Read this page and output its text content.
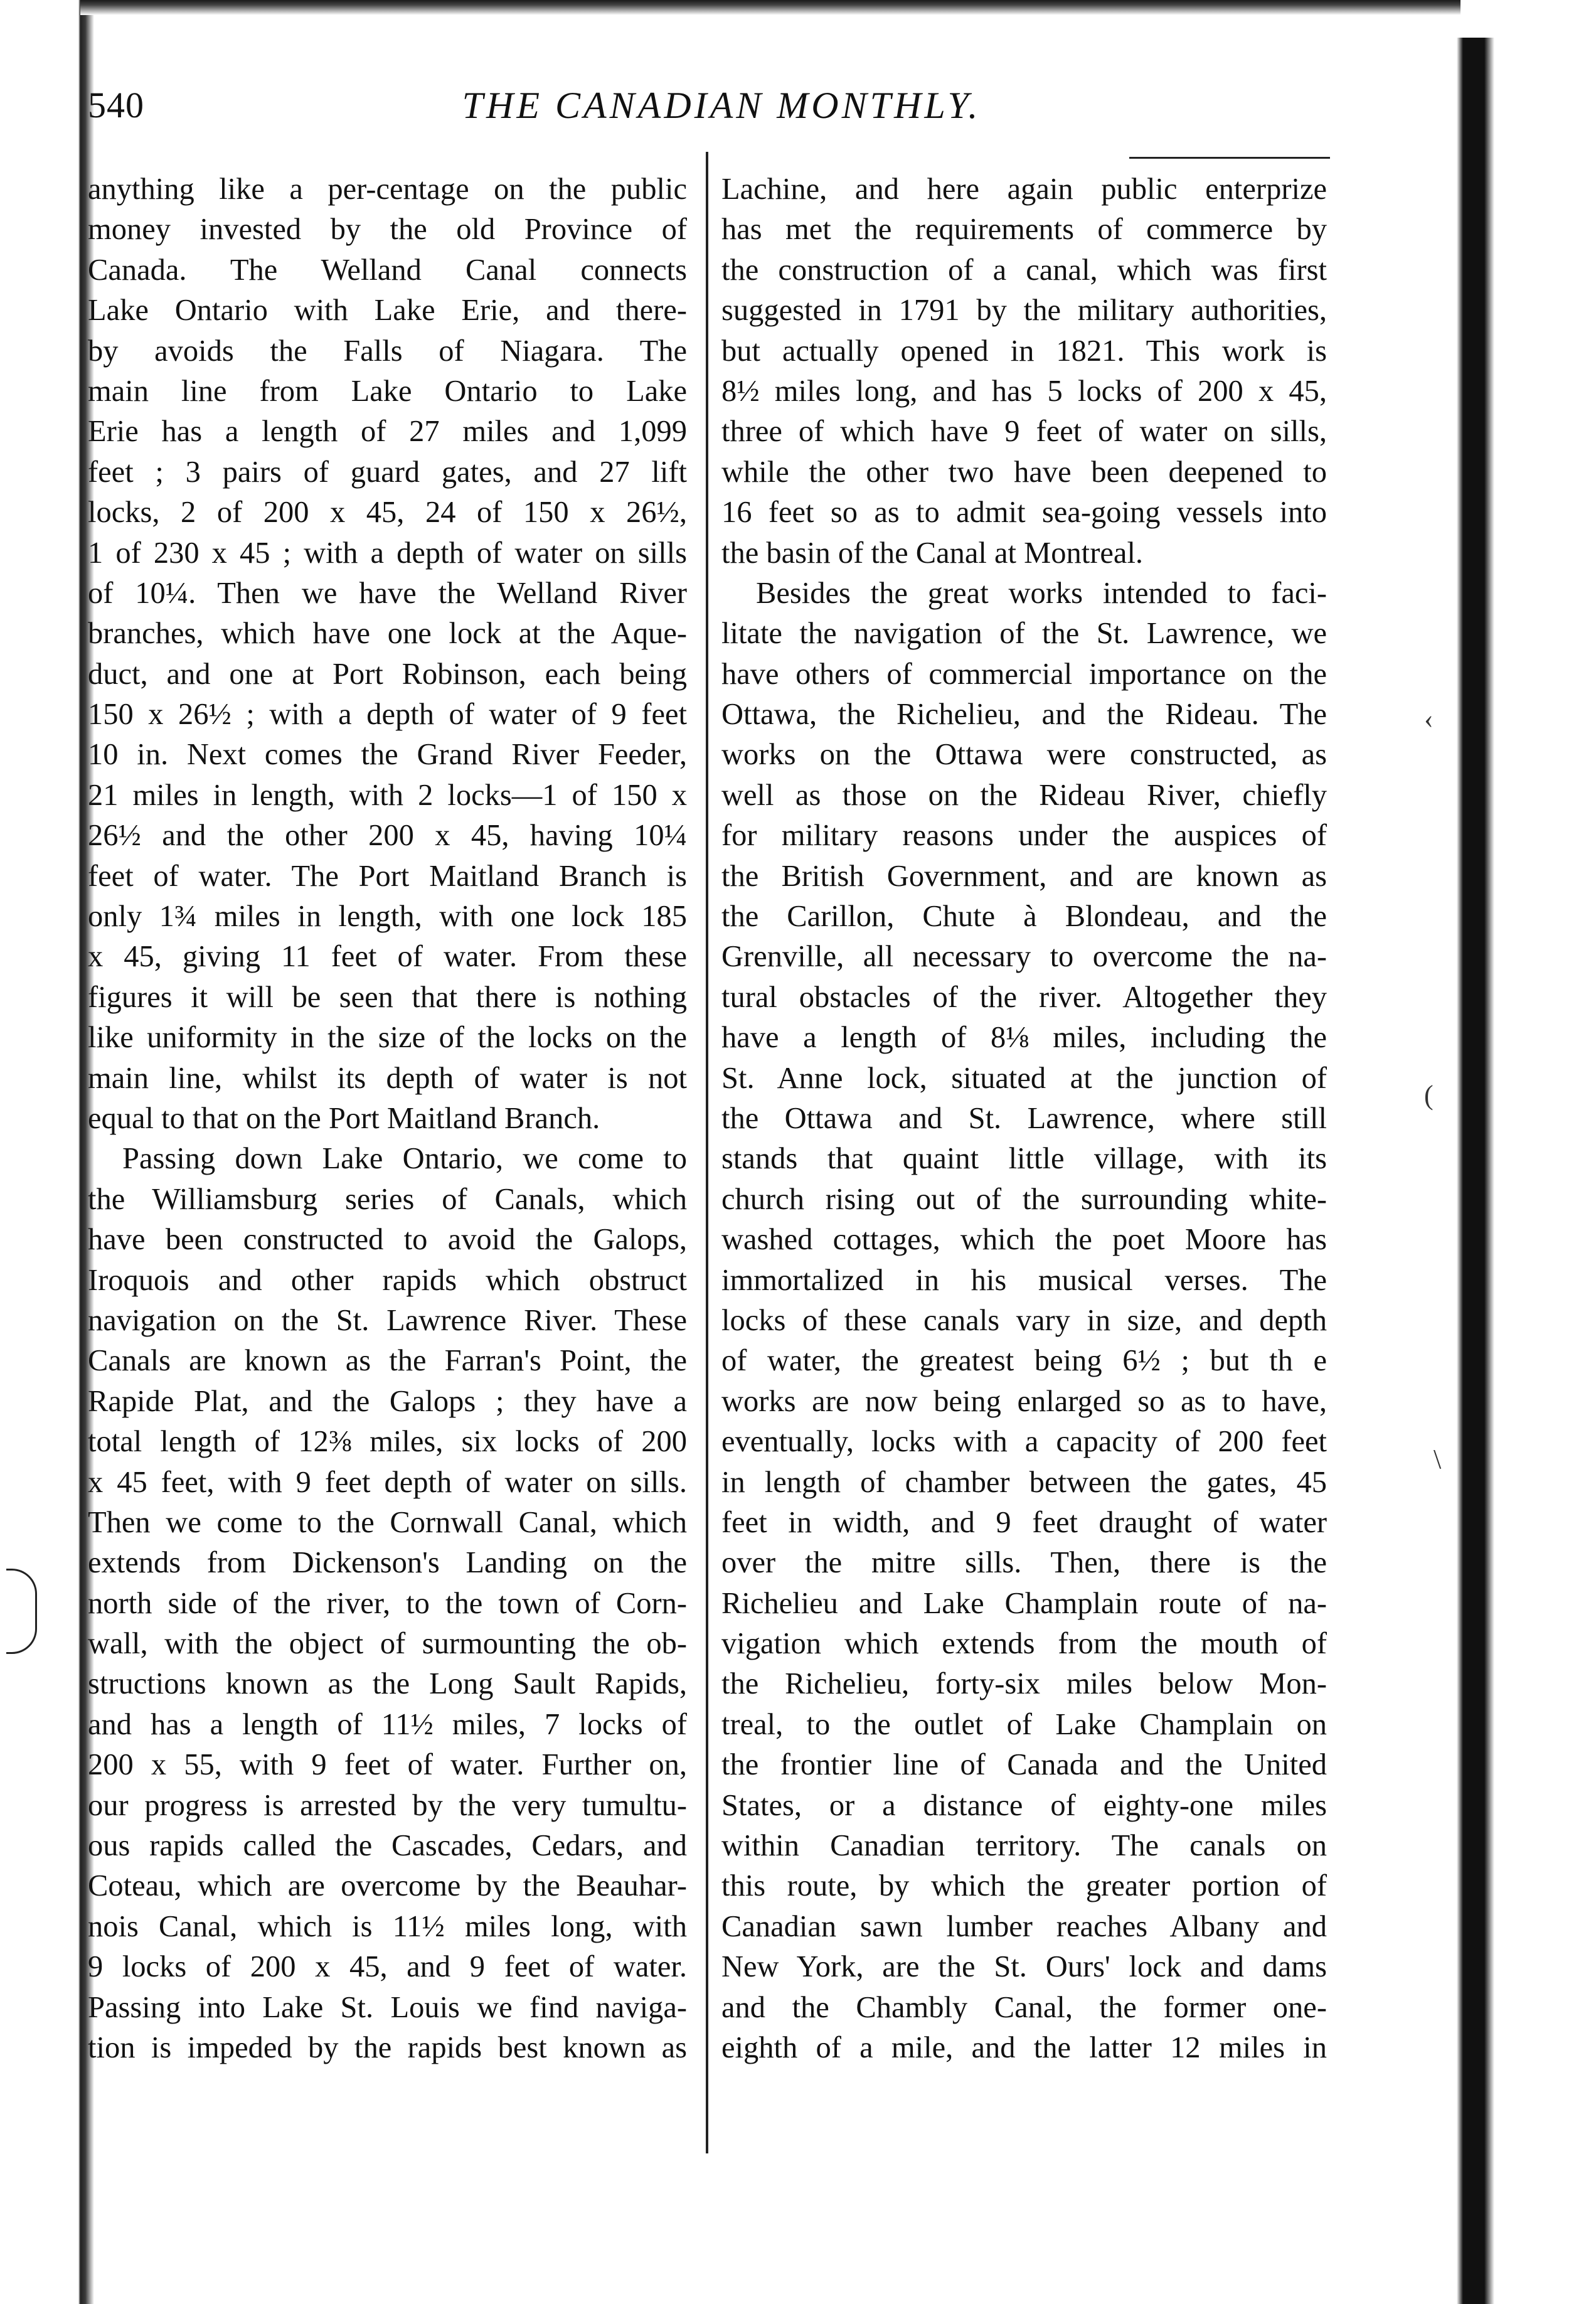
540	THE CANADIAN MONTHLY.
anything like a per-centage on the public
money invested by the old Province of
Canada. The Welland Canal connects
Lake Ontario with Lake Erie, and there-
by avoids the Falls of Niagara. The
main line from Lake Ontario to Lake
Erie has a length of 27 miles and 1,099
feet ; 3 pairs of guard gates, and 27 lift
locks, 2 of 200 x 45, 24 of 150 x 26½,
1 of 230 x 45 ; with a depth of water on sills
of 10¼. Then we have the Welland River
branches, which have one lock at the Aque-
duct, and one at Port Robinson, each being
150 x 26½ ; with a depth of water of 9 feet
10 in. Next comes the Grand River Feeder,
21 miles in length, with 2 locks—1 of 150 x
26½ and the other 200 x 45, having 10¼
feet of water. The Port Maitland Branch is
only 1¾ miles in length, with one lock 185
x 45, giving 11 feet of water. From these
figures it will be seen that there is nothing
like uniformity in the size of the locks on the
main line, whilst its depth of water is not
equal to that on the Port Maitland Branch.
Passing down Lake Ontario, we come to
the Williamsburg series of Canals, which
have been constructed to avoid the Galops,
Iroquois and other rapids which obstruct
navigation on the St. Lawrence River. These
Canals are known as the Farran's Point, the
Rapide Plat, and the Galops ; they have a
total length of 12⅜ miles, six locks of 200
x 45 feet, with 9 feet depth of water on sills.
Then we come to the Cornwall Canal, which
extends from Dickenson's Landing on the
north side of the river, to the town of Corn-
wall, with the object of surmounting the ob-
structions known as the Long Sault Rapids,
and has a length of 11½ miles, 7 locks of
200 x 55, with 9 feet of water. Further on,
our progress is arrested by the very tumultu-
ous rapids called the Cascades, Cedars, and
Coteau, which are overcome by the Beauhar-
nois Canal, which is 11½ miles long, with
9 locks of 200 x 45, and 9 feet of water.
Passing into Lake St. Louis we find naviga-
tion is impeded by the rapids best known as
Lachine, and here again public enterprize
has met the requirements of commerce by
the construction of a canal, which was first
suggested in 1791 by the military authorities,
but actually opened in 1821. This work is
8½ miles long, and has 5 locks of 200 x 45,
three of which have 9 feet of water on sills,
while the other two have been deepened to
16 feet so as to admit sea-going vessels into
the basin of the Canal at Montreal.
Besides the great works intended to faci-
litate the navigation of the St. Lawrence, we
have others of commercial importance on the
Ottawa, the Richelieu, and the Rideau. The
works on the Ottawa were constructed, as
well as those on the Rideau River, chiefly
for military reasons under the auspices of
the British Government, and are known as
the Carillon, Chute à Blondeau, and the
Grenville, all necessary to overcome the na-
tural obstacles of the river. Altogether they
have a length of 8⅛ miles, including the
St. Anne lock, situated at the junction of
the Ottawa and St. Lawrence, where still
stands that quaint little village, with its
church rising out of the surrounding white-
washed cottages, which the poet Moore has
immortalized in his musical verses. The
locks of these canals vary in size, and depth
of water, the greatest being 6½ ; but th e
works are now being enlarged so as to have,
eventually, locks with a capacity of 200 feet
in length of chamber between the gates, 45
feet in width, and 9 feet draught of water
over the mitre sills. Then, there is the
Richelieu and Lake Champlain route of na-
vigation which extends from the mouth of
the Richelieu, forty-six miles below Mon-
treal, to the outlet of Lake Champlain on
the frontier line of Canada and the United
States, or a distance of eighty-one miles
within Canadian territory. The canals on
this route, by which the greater portion of
Canadian sawn lumber reaches Albany and
New York, are the St. Ours' lock and dams
and the Chambly Canal, the former one-
eighth of a mile, and the latter 12 miles in
‹
(
\
